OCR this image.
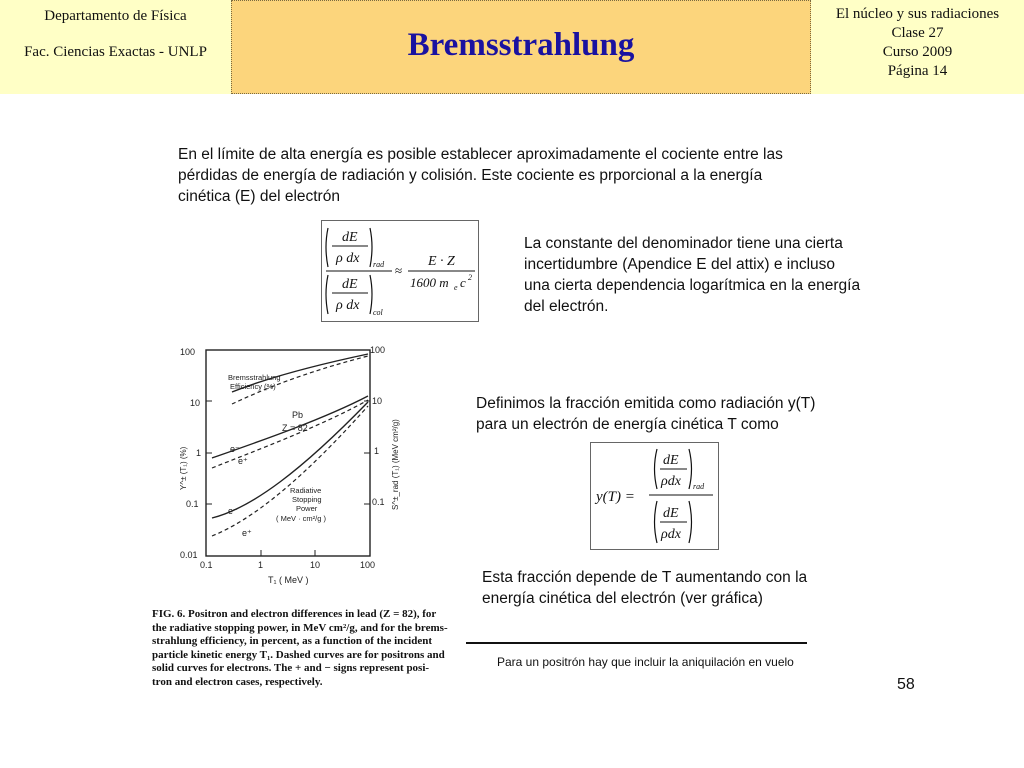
Departamento de Física
Fac. Ciencias Exactas - UNLP	Bremsstrahlung
El núcleo y sus radiaciones
Clase 27
Curso 2009
Página 14
En el límite de alta energía es posible establecer aproximadamente el cociente entre las
pérdidas de energía de radiación y colisión. Este cociente es prporcional a la energía
cinética (E) del electrón
dE
ρ dx rad
dE
ρ dx col
≈
E · Z
1600 m e c 2
La constante del denominador tiene una cierta
incertidumbre (Apendice E del attix) e incluso
una cierta dependencia logarítmica en la energía
del electrón.
100
10
1
0.1
0.01
100
10
1
0.1
0.1	1	10	100
T₁ ( MeV )
Y^± (T₁) (%)	S^±_rad (T₁) (MeV cm²/g)
Bremsstrahlung
Efficiency (%)
Pb
Z = 82
e⁻
e⁺
Radiative
Stopping
Power
( MeV · cm²/g )
e⁻
e⁺
FIG. 6. Positron and electron differences in lead (Z = 82), for
the radiative stopping power, in MeV cm²/g, and for the brems-
strahlung efficiency, in percent, as a function of the incident
particle kinetic energy T₁. Dashed curves are for positrons and
solid curves for electrons. The + and − signs represent posi-
tron and electron cases, respectively.
Definimos la fracción emitida como radiación y(T)
para un electrón de energía cinética T como
y(T) =
dE
ρdx rad
dE
ρdx
Esta fracción depende de T aumentando con la
energía cinética del electrón (ver gráfica)
Para un positrón hay que incluir la aniquilación en vuelo
58
